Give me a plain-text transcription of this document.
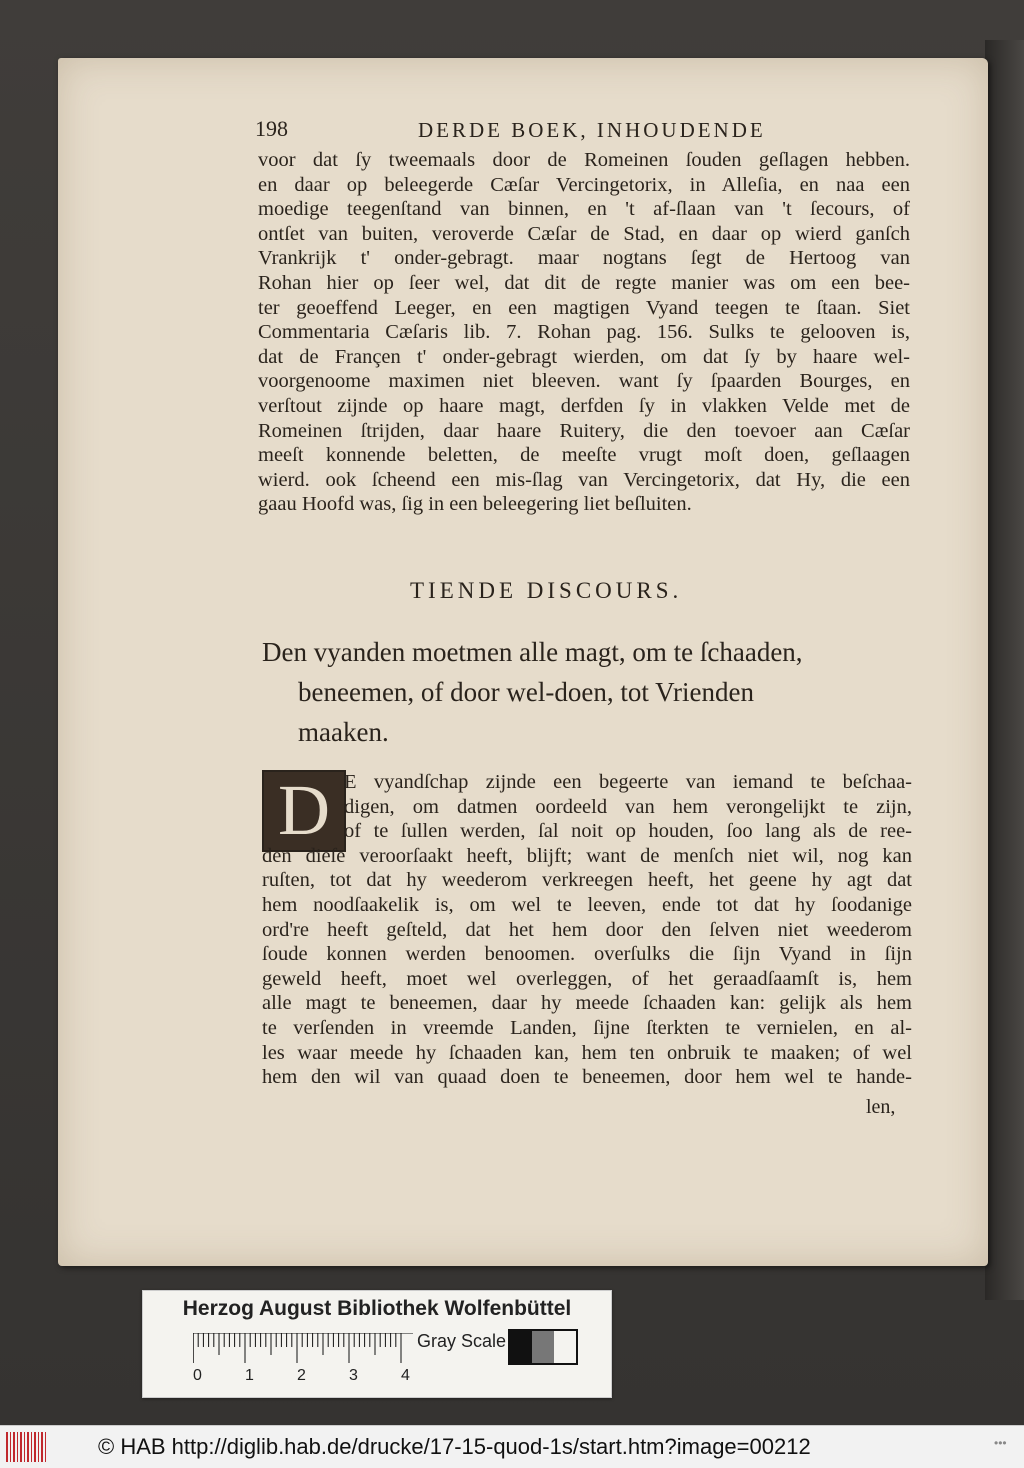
198	DERDE BOEK, INHOUDENDE
voor dat ſy tweemaals door de Romeinen ſouden geſlagen hebben.
en daar op beleegerde Cæſar Vercingetorix, in Alleſia, en naa een
moedige teegenſtand van binnen, en 't af-ſlaan van 't ſecours, of
ontſet van buiten, veroverde Cæſar de Stad, en daar op wierd ganſch
Vrankrijk t' onder-gebragt. maar nogtans ſegt de Hertoog van
Rohan hier op ſeer wel, dat dit de regte manier was om een bee-
ter geoeffend Leeger, en een magtigen Vyand teegen te ſtaan. Siet
Commentaria Cæſaris lib. 7. Rohan pag. 156. Sulks te gelooven is,
dat de Françen t' onder-gebragt wierden, om dat ſy by haare wel-
voorgenoome maximen niet bleeven. want ſy ſpaarden Bourges, en
verſtout zijnde op haare magt, derfden ſy in vlakken Velde met de
Romeinen ſtrijden, daar haare Ruitery, die den toevoer aan Cæſar
meeſt konnende beletten, de meeſte vrugt moſt doen, geſlaagen
wierd. ook ſcheend een mis-ſlag van Vercingetorix, dat Hy, die een
gaau Hoofd was, ſig in een beleegering liet beſluiten.
TIENDE DISCOURS.
Den vyanden moetmen alle magt, om te ſchaaden,
beneemen, of door wel-doen, tot Vrienden
maaken.
D E vyandſchap zijnde een begeerte van iemand te beſchaa-
digen, om datmen oordeeld van hem verongelijkt te zijn,
of te ſullen werden, ſal noit op houden, ſoo lang als de ree-
den dieſe veroorſaakt heeft, blijft; want de menſch niet wil, nog kan
ruſten, tot dat hy weederom verkreegen heeft, het geene hy agt dat
hem noodſaakelik is, om wel te leeven, ende tot dat hy ſoodanige
ord're heeft geſteld, dat het hem door den ſelven niet weederom
ſoude konnen werden benoomen. overſulks die ſijn Vyand in ſijn
geweld heeft, moet wel overleggen, of het geraadſaamſt is, hem
alle magt te beneemen, daar hy meede ſchaaden kan: gelijk als hem
te verſenden in vreemde Landen, ſijne ſterkten te vernielen, en al-
les waar meede hy ſchaaden kan, hem ten onbruik te maaken; of wel
hem den wil van quaad doen te beneemen, door hem wel te hande-
len,
Herzog August Bibliothek Wolfenbüttel
0	1	2	3	4
Gray Scale
© HAB http://diglib.hab.de/drucke/17-15-quod-1s/start.htm?image=00212	•••
